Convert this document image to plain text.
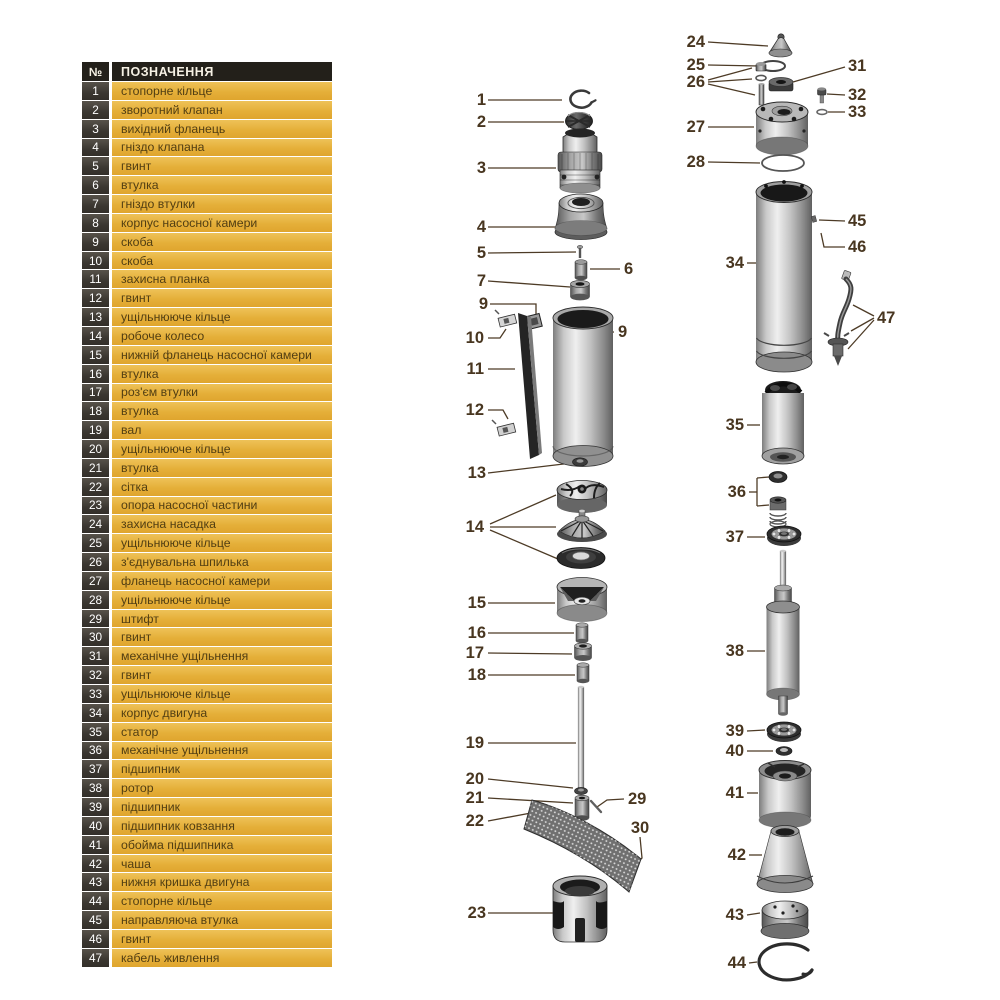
№	ПОЗНАЧЕННЯ
1	стопорне кільце
2	зворотний клапан
3	вихідний фланець
4	гніздо клапана
5	гвинт
6	втулка
7	гніздо втулки
8	корпус насосної камери
9	скоба
10	скоба
11	захисна планка
12	гвинт
13	ущільнююче кільце
14	робоче колесо
15	нижній фланець насосної камери
16	втулка
17	роз'єм втулки
18	втулка
19	вал
20	ущільнююче кільце
21	втулка
22	сітка
23	опора насосної частини
24	захисна насадка
25	ущільнююче кільце
26	з'єднувальна шпилька
27	фланець насосної камери
28	ущільнююче кільце
29	штифт
30	гвинт
31	механічне ущільнення
32	гвинт
33	ущільнююче кільце
34	корпус двигуна
35	статор
36	механічне ущільнення
37	підшипник
38	ротор
39	підшипник
40	підшипник ковзання
41	обойма підшипника
42	чаша
43	нижня кришка двигуна
44	стопорне кільце
45	направляюча втулка
46	гвинт
47	кабель живлення
1
2
3
4
5
6
7
9
10
11
12
9
13
14
15
16
17
18
19
20
21	29
22	30
23
24
25
26
31
32
33
27
28
34
45
46
47
35
36
37
38
39
40
41
42
43
44
